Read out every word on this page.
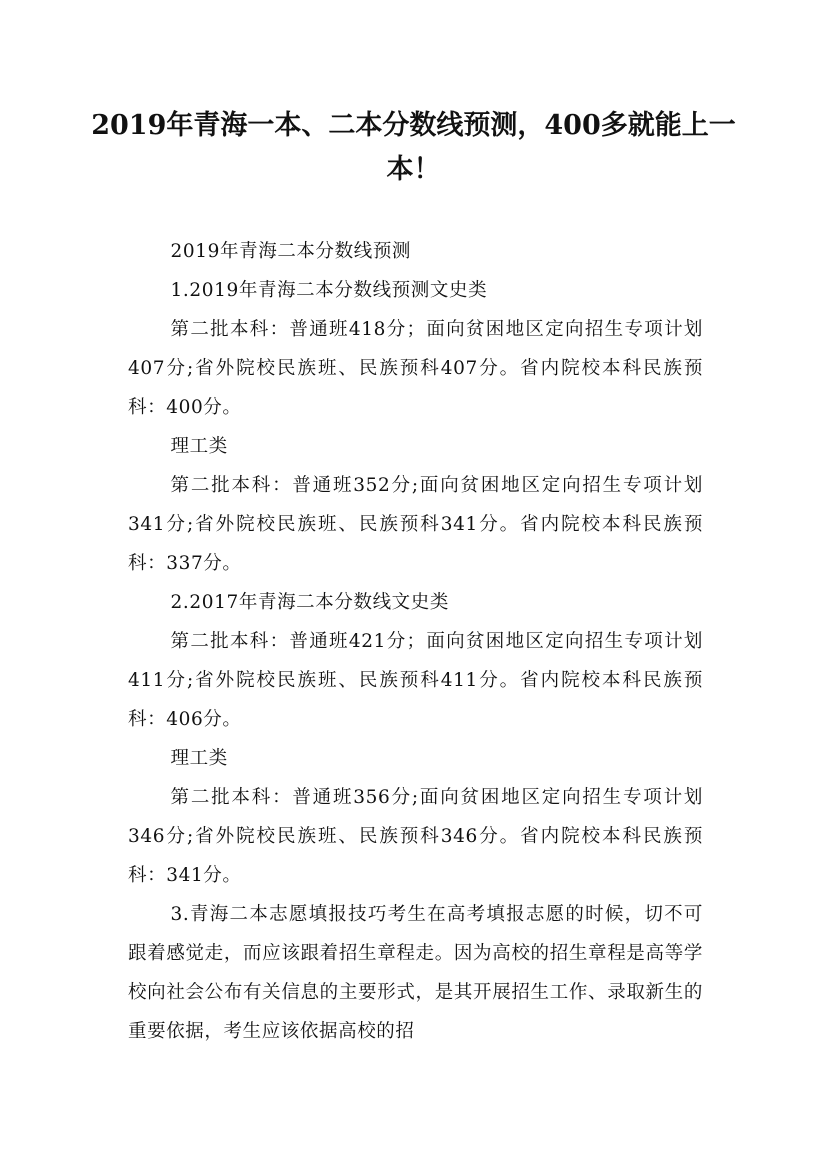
2019年青海一本、二本分数线预测，400多就能上一本！

2019年青海二本分数线预测

1.2019年青海二本分数线预测文史类

第二批本科：普通班418分；面向贫困地区定向招生专项计划407分;省外院校民族班、民族预科407分。省内院校本科民族预科：400分。

理工类

第二批本科：普通班352分;面向贫困地区定向招生专项计划341分;省外院校民族班、民族预科341分。省内院校本科民族预科：337分。

2.2017年青海二本分数线文史类

第二批本科：普通班421分；面向贫困地区定向招生专项计划411分;省外院校民族班、民族预科411分。省内院校本科民族预科：406分。

理工类

第二批本科：普通班356分;面向贫困地区定向招生专项计划346分;省外院校民族班、民族预科346分。省内院校本科民族预科：341分。

3.青海二本志愿填报技巧考生在高考填报志愿的时候，切不可跟着感觉走，而应该跟着招生章程走。因为高校的招生章程是高等学校向社会公布有关信息的主要形式，是其开展招生工作、录取新生的重要依据，考生应该依据高校的招
